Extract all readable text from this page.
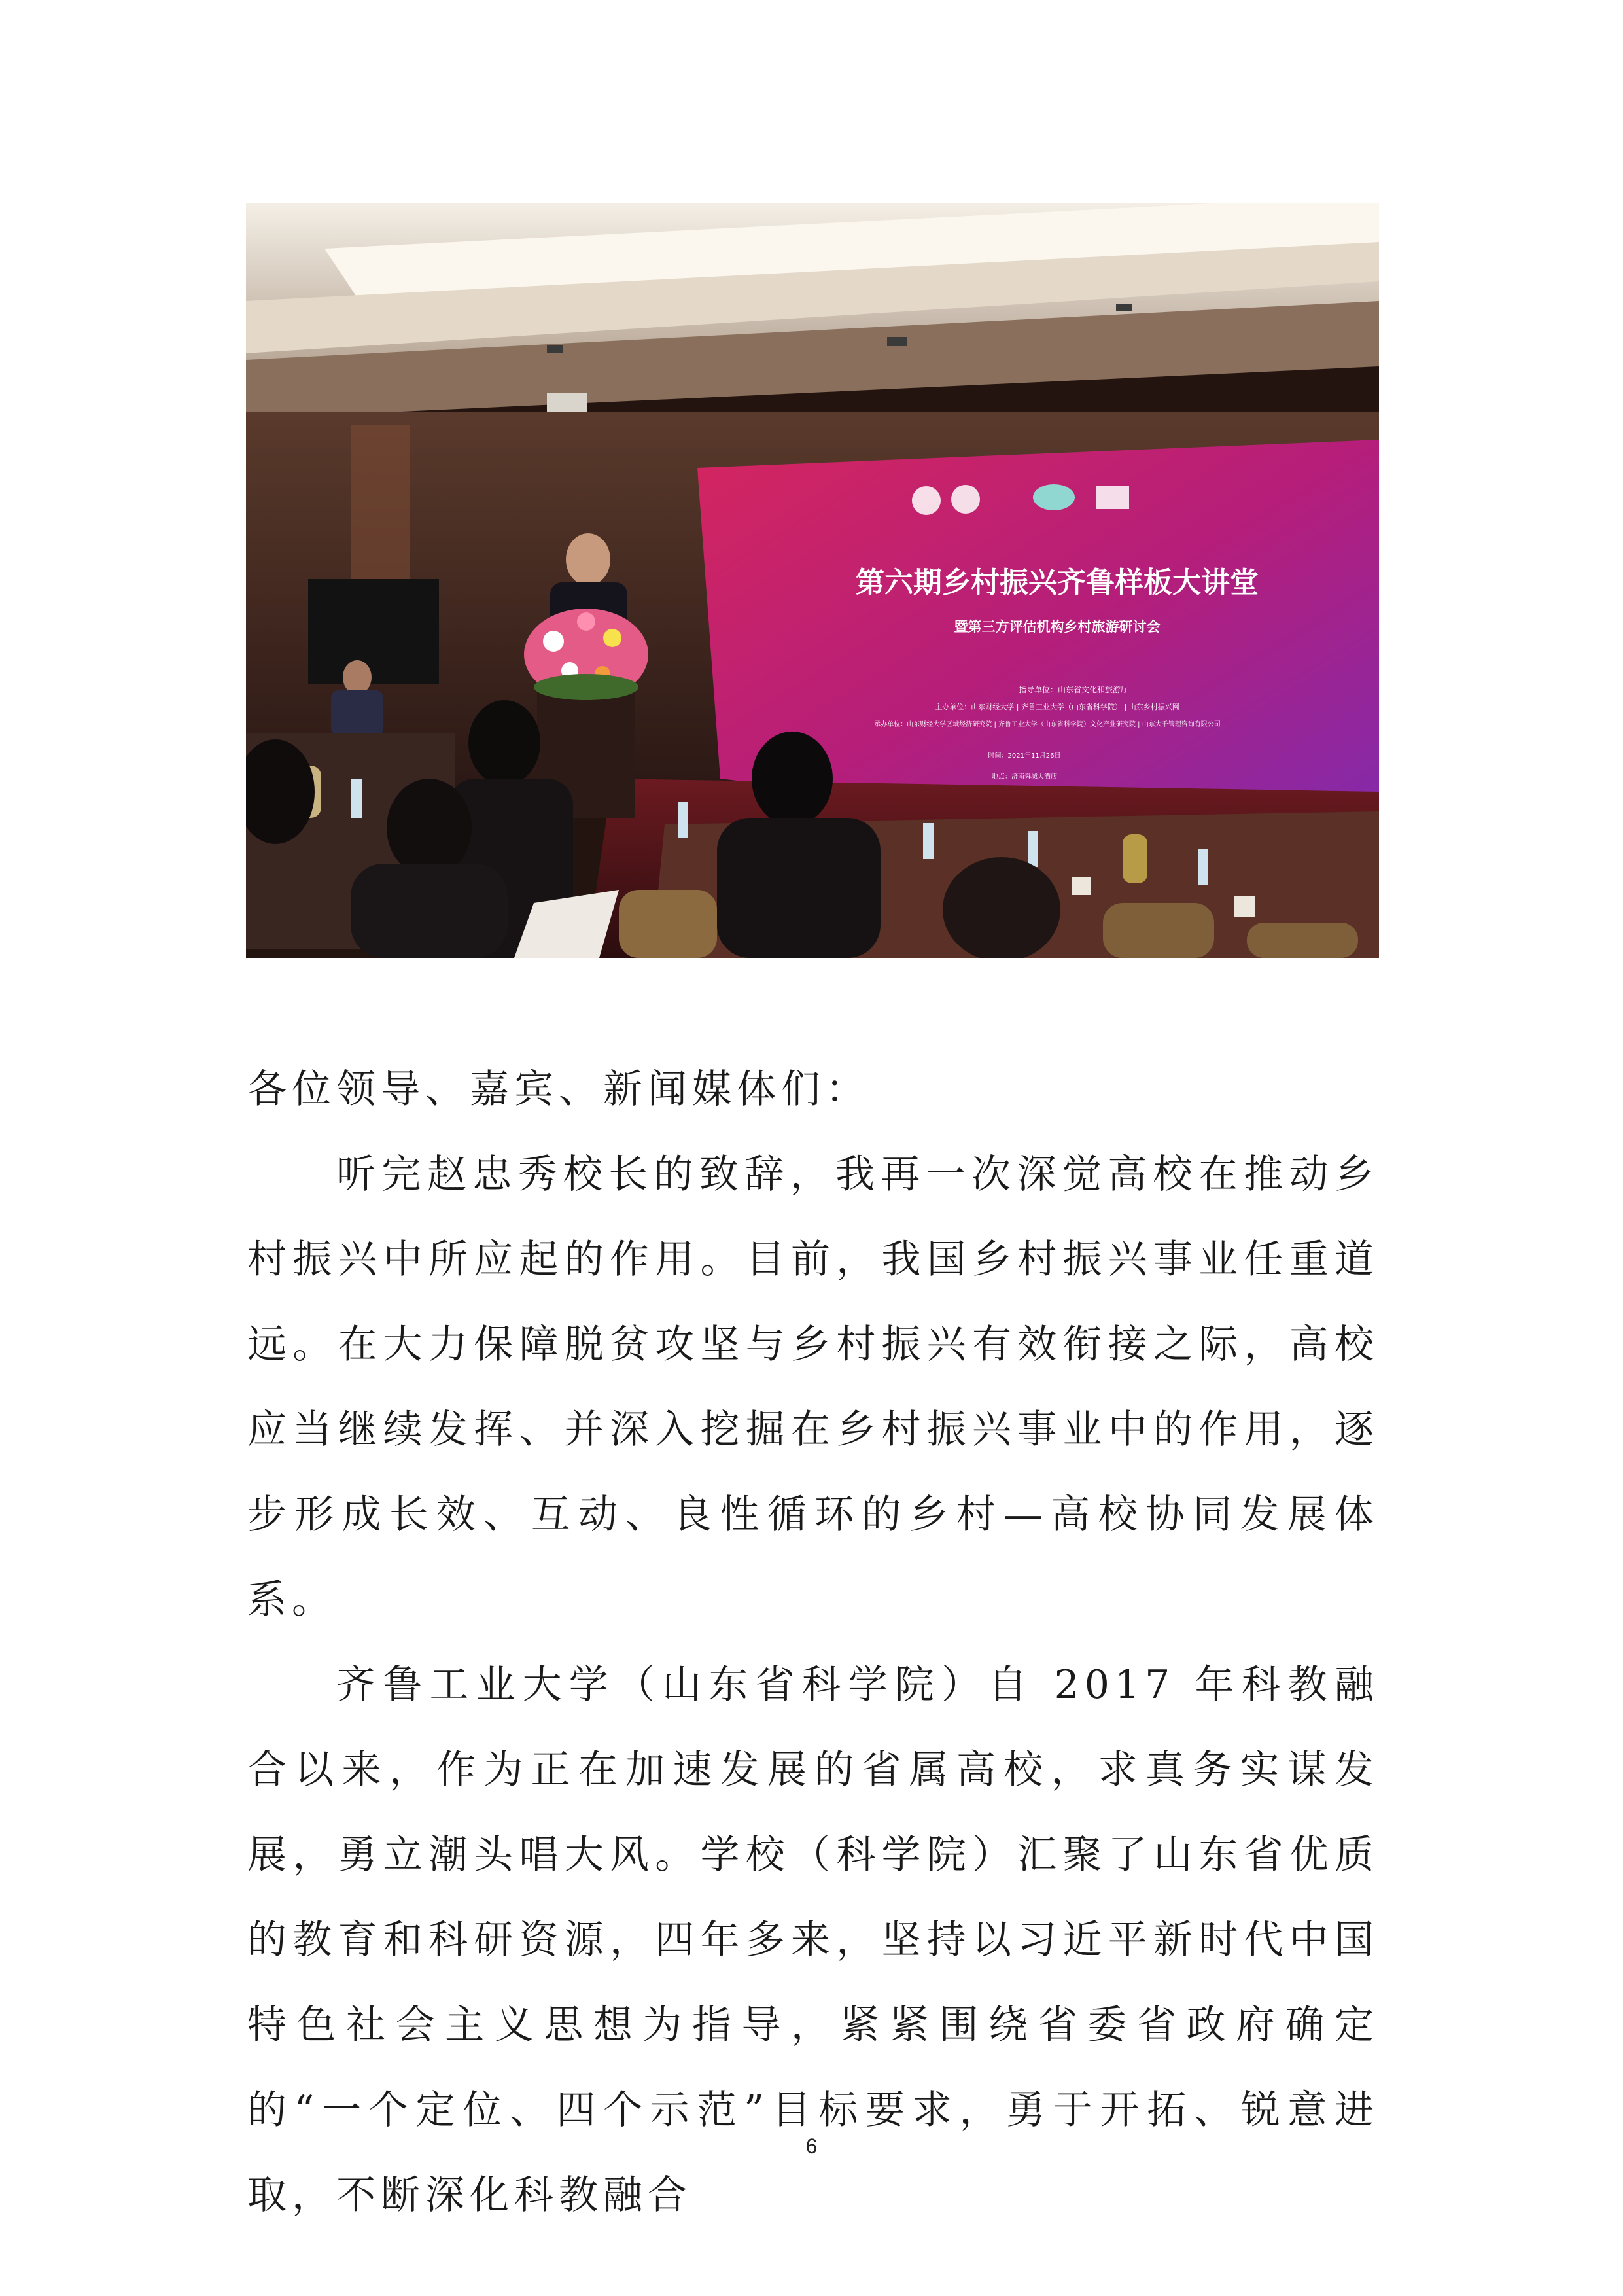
第六期乡村振兴齐鲁样板大讲堂
暨第三方评估机构乡村旅游研讨会
指导单位：山东省文化和旅游厅
主办单位：山东财经大学 | 齐鲁工业大学（山东省科学院） | 山东乡村振兴网
承办单位：山东财经大学区域经济研究院 | 齐鲁工业大学（山东省科学院）文化产业研究院 | 山东大千管理咨询有限公司
时间：2021年11月26日
地点：济南舜城大酒店

各位领导、嘉宾、新闻媒体们：

听完赵忠秀校长的致辞，我再一次深觉高校在推动乡村振兴中所应起的作用。目前，我国乡村振兴事业任重道远。在大力保障脱贫攻坚与乡村振兴有效衔接之际，高校应当继续发挥、并深入挖掘在乡村振兴事业中的作用，逐步形成长效、互动、良性循环的乡村—高校协同发展体系。

齐鲁工业大学（山东省科学院）自 2017 年科教融合以来，作为正在加速发展的省属高校，求真务实谋发展，勇立潮头唱大风。学校（科学院）汇聚了山东省优质的教育和科研资源，四年多来，坚持以习近平新时代中国特色社会主义思想为指导，紧紧围绕省委省政府确定的“一个定位、四个示范”目标要求，勇于开拓、锐意进取，不断深化科教融合

6
